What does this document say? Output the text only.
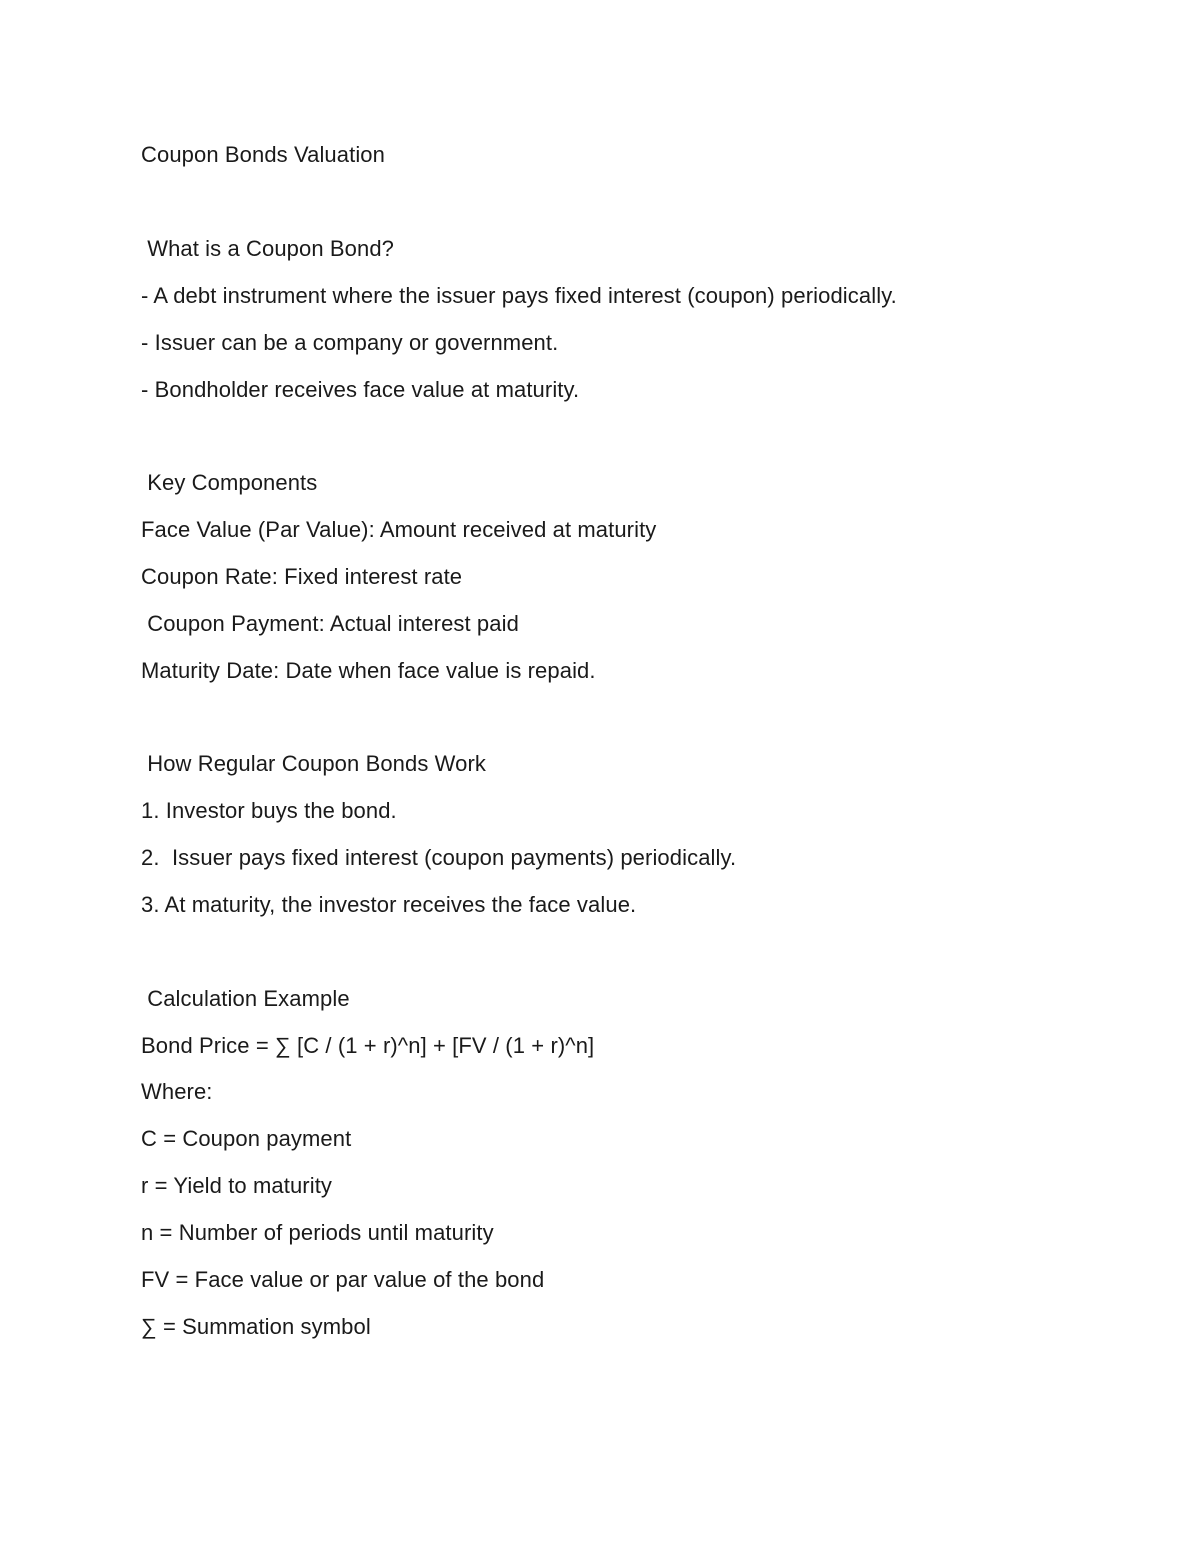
Coupon Bonds Valuation

What is a Coupon Bond?

- A debt instrument where the issuer pays fixed interest (coupon) periodically.

- Issuer can be a company or government.

- Bondholder receives face value at maturity.

Key Components

Face Value (Par Value): Amount received at maturity

Coupon Rate: Fixed interest rate

Coupon Payment: Actual interest paid

Maturity Date: Date when face value is repaid.

How Regular Coupon Bonds Work

1. Investor buys the bond.

2.  Issuer pays fixed interest (coupon payments) periodically.

3. At maturity, the investor receives the face value.

Calculation Example

Bond Price = ∑ [C / (1 + r)^n] + [FV / (1 + r)^n]

Where:

C = Coupon payment

r = Yield to maturity

n = Number of periods until maturity

FV = Face value or par value of the bond

∑ = Summation symbol
